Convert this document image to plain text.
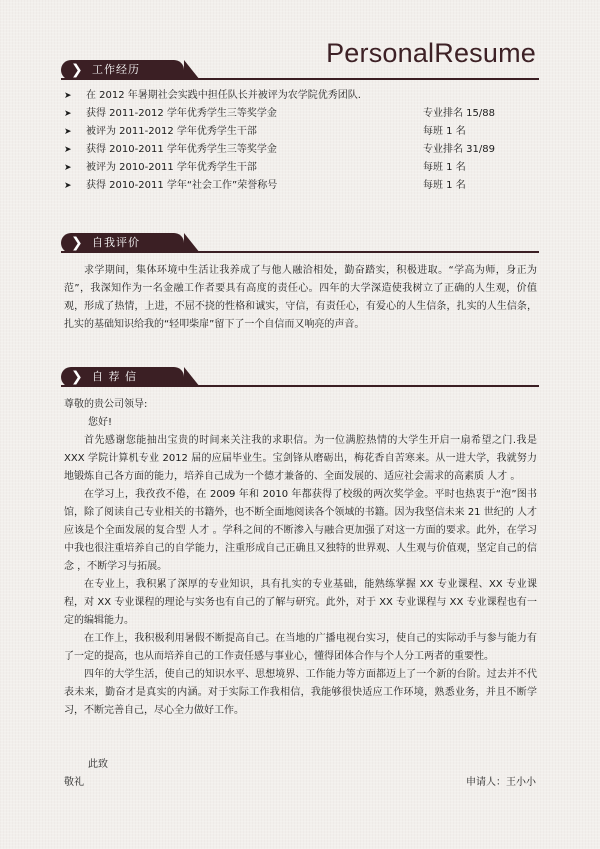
PersonalResume
❯ 工作经历
➤ 在 2012 年暑期社会实践中担任队长并被评为农学院优秀团队.
➤ 获得 2011-2012 学年优秀学生三等奖学金	专业排名 15/88
➤ 被评为 2011-2012 学年优秀学生干部	每班 1 名
➤ 获得 2010-2011 学年优秀学生三等奖学金	专业排名 31/89
➤ 被评为 2010-2011 学年优秀学生干部	每班 1 名
➤ 获得 2010-2011 学年“社会工作”荣誉称号	每班 1 名
❯ 自我评价

求学期间，集体环境中生活让我养成了与他人融洽相处，勤奋踏实，积极进取。“学高为师，身正为范”，我深知作为一名金融工作者要具有高度的责任心。四年的大学深造使我树立了正确的人生观，价值观，形成了热情，上进，不屈不挠的性格和诚实，守信，有责任心，有爱心的人生信条，扎实的人生信条，扎实的基础知识给我的“轻叩柴扉”留下了一个自信而又响亮的声音。

❯ 自 荐 信
尊敬的贵公司领导:
您好!

首先感谢您能抽出宝贵的时间来关注我的求职信。为一位满腔热情的大学生开启一扇希望之门.我是 XXX 学院计算机专业 2012 届的应届毕业生。宝剑锋从磨砺出，梅花香自苦寒来。从一进大学，我就努力地锻炼自己各方面的能力，培养自己成为一个德才兼备的、全面发展的、适应社会需求的高素质 人才 。

在学习上，我孜孜不倦，在 2009 年和 2010 年都获得了校级的两次奖学金。平时也热衷于“泡”图书馆，除了阅读自己专业相关的书籍外，也不断全面地阅读各个领域的书籍。因为我坚信未来 21 世纪的 人才 应该是个全面发展的复合型 人才 。学科之间的不断渗入与融合更加强了对这一方面的要求。此外，在学习中我也很注重培养自己的自学能力，注重形成自己正确且又独特的世界观、人生观与价值观，坚定自己的信念 ，不断学习与拓展。

在专业上，我积累了深厚的专业知识，具有扎实的专业基础，能熟练掌握 XX 专业课程、XX 专业课程，对 XX 专业课程的理论与实务也有自己的了解与研究。此外，对于 XX 专业课程与 XX 专业课程也有一定的编辑能力。

在工作上，我积极利用暑假不断提高自己。在当地的广播电视台实习，使自己的实际动手与参与能力有了一定的提高，也从而培养自己的工作责任感与事业心，懂得团体合作与个人分工两者的重要性。

四年的大学生活，使自己的知识水平、思想境界、工作能力等方面都迈上了一个新的台阶。过去并不代表未来，勤奋才是真实的内涵。对于实际工作我相信，我能够很快适应工作环境，熟悉业务，并且不断学习，不断完善自己，尽心全力做好工作。

此致
敬礼	申请人：王小小
